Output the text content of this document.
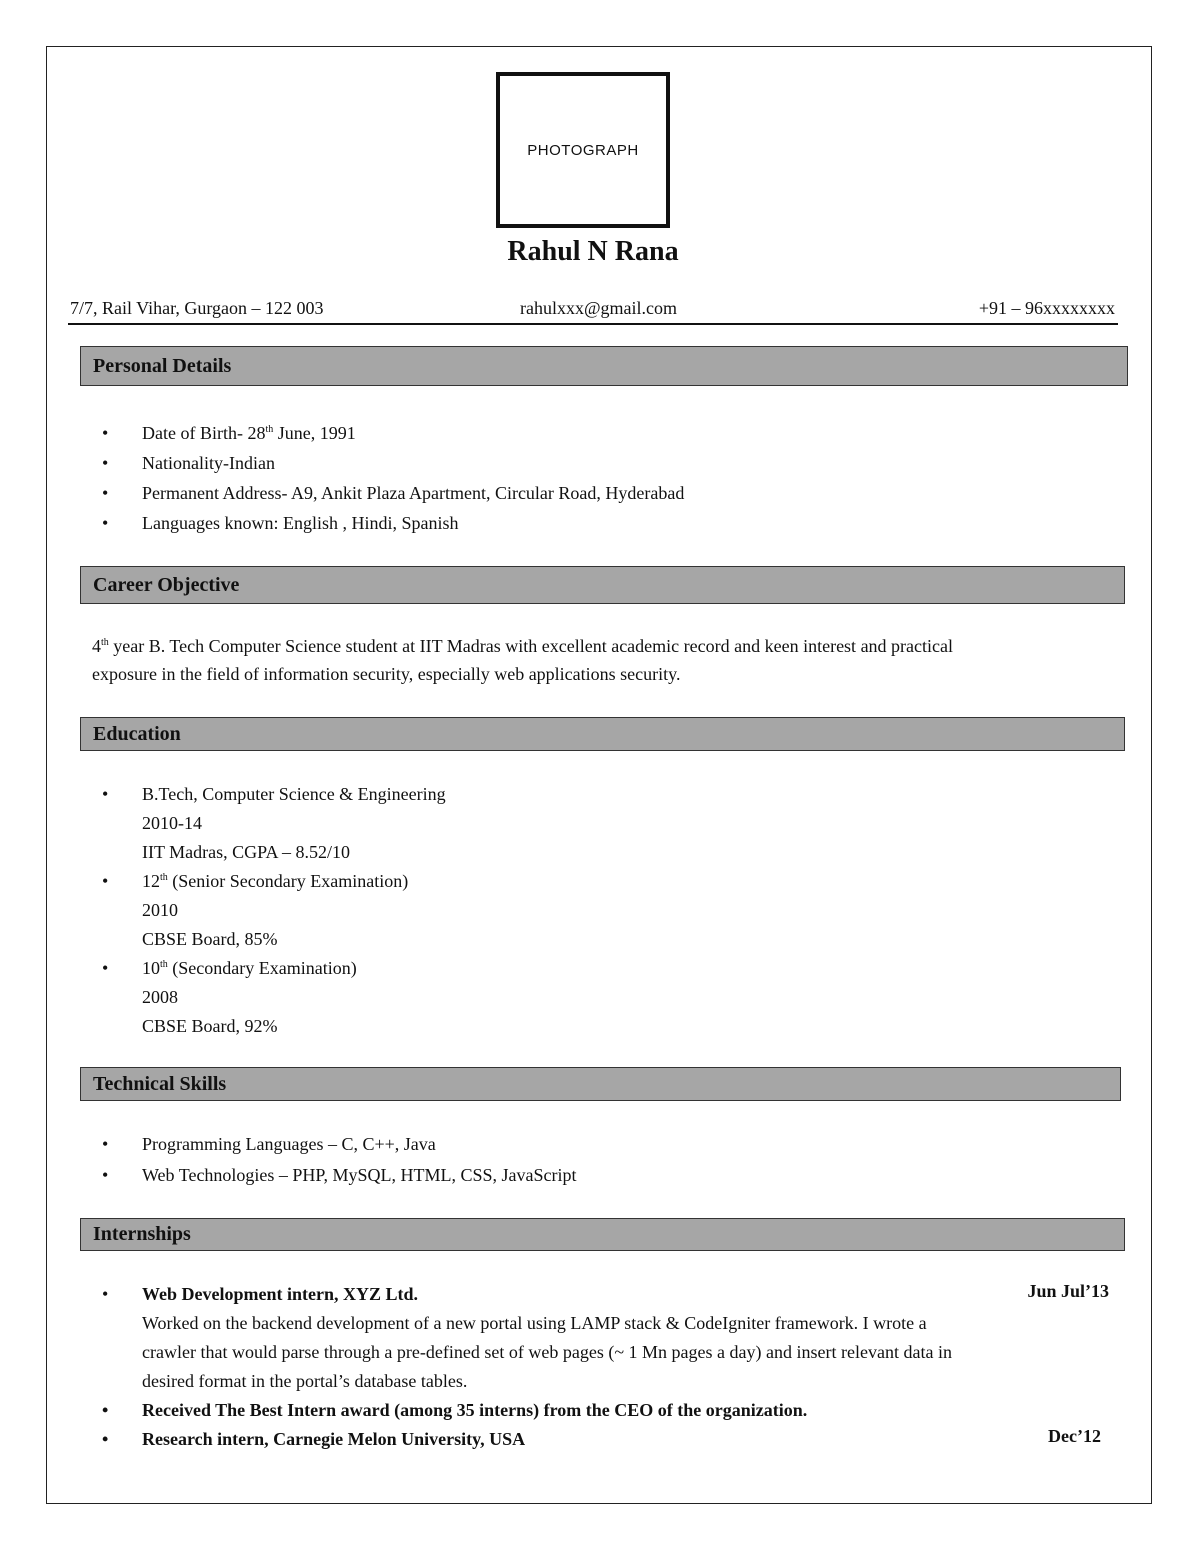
PHOTOGRAPH
Rahul N Rana
7/7, Rail Vihar, Gurgaon – 122 003	rahulxxx@gmail.com	+91 – 96xxxxxxxx
Personal Details
• Date of Birth- 28th June, 1991
• Nationality-Indian
• Permanent Address- A9, Ankit Plaza Apartment, Circular Road, Hyderabad
• Languages known: English , Hindi, Spanish
Career Objective
4th year B. Tech Computer Science student at IIT Madras with excellent academic record and keen interest and practical
exposure in the field of information security, especially web applications security.
Education
• B.Tech, Computer Science & Engineering
2010-14
IIT Madras, CGPA – 8.52/10
• 12th (Senior Secondary Examination)
2010
CBSE Board, 85%
• 10th (Secondary Examination)
2008
CBSE Board, 92%
Technical Skills
• Programming Languages – C, C++, Java
• Web Technologies – PHP, MySQL, HTML, CSS, JavaScript
Internships
• Web Development intern, XYZ Ltd.
Worked on the backend development of a new portal using LAMP stack & CodeIgniter framework. I wrote a
crawler that would parse through a pre-defined set of web pages (~ 1 Mn pages a day) and insert relevant data in
desired format in the portal’s database tables.
• Received The Best Intern award (among 35 interns) from the CEO of the organization.
• Research intern, Carnegie Melon University, USA
Jun Jul’13
Dec’12
